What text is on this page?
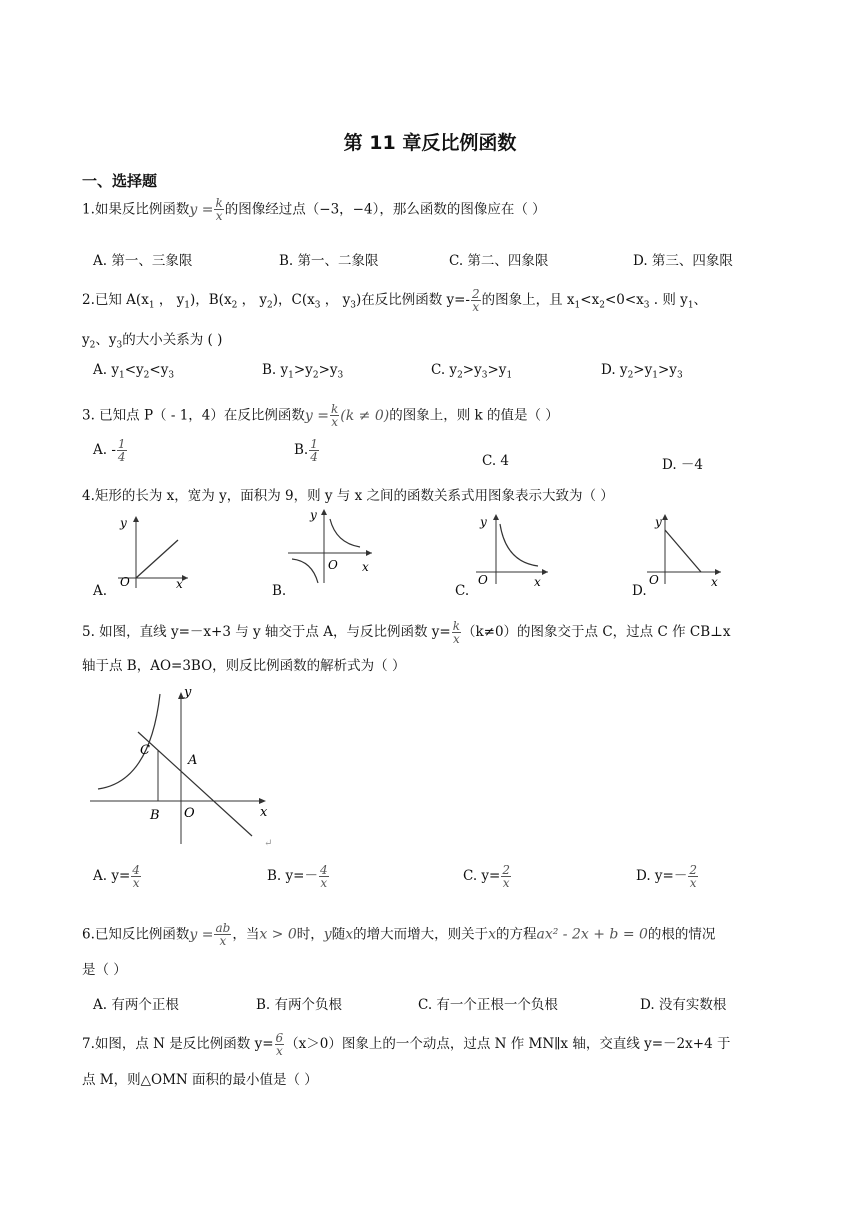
第 11 章反比例函数
一、选择题
1.如果反比例函数$y = \frac{k}{x}$ 的图像经过点（−3，−4），那么函数的图像应在（ ）
A. 第一、三象限	B. 第一、二象限	C. 第二、四象限	D. 第三、四象限
2.已知 $A(x_1$ ， $y_1$)，$B(x_2$ ， $y_2$)，$C(x_3$ ， $y_3$)在反比例函数 $y=- \frac{2}{x}$ 的图象上，且 $x_1<x_2<0<x_3$ . 则 $y_1$、
$y_2$、$y_3$的大小关系为 ( )
A. $y_1<y_2<y_3$	B. $y_1>y_2>y_3$	C. $y_2>y_3>y_1$	D. $y_2>y_1>y_3$
3. 已知点 P（ - 1，4）在反比例函数$y = \frac{k}{x} (k \ne 0)$的图象上，则 k 的值是（ ）
A. - $\frac{1}{4}$	B. $\frac{1}{4}$	C. 4	D. －4
4.矩形的长为 x，宽为 y，面积为 9，则 y 与 x 之间的函数关系式用图象表示大致为（ ）
y
x
O
A.
y
x
O
B.
y
x
O
C.
y
x
O
D.
5. 如图，直线 y=－x+3 与 y 轴交于点 A，与反比例函数 $y= \frac{k}{x} (k\ne 0)$的图象交于点 C，过点 C 作 CB⊥x
轴于点 B，AO=3BO，则反比例函数的解析式为（ ）
y
x
C
A
B O
↵
A. $y= \frac{4}{x}$	B. $y=- \frac{4}{x}$	C. $y= \frac{2}{x}$	D. $y=- \frac{2}{x}$
6.已知反比例函数$y = \frac{ab}{x}$ ，当x > 0时，y随x的增大而增大，则关于x的方程ax² - 2x + b = 0的根的情况
是（ ）
A. 有两个正根	B. 有两个负根	C. 有一个正根一个负根	D. 没有实数根
7.如图，点 N 是反比例函数 $y= \frac{6}{x} (x>0)$图象上的一个动点，过点 N 作 MN∥x 轴，交直线 y=－2x+4 于
点 M，则△OMN 面积的最小值是（ ）
